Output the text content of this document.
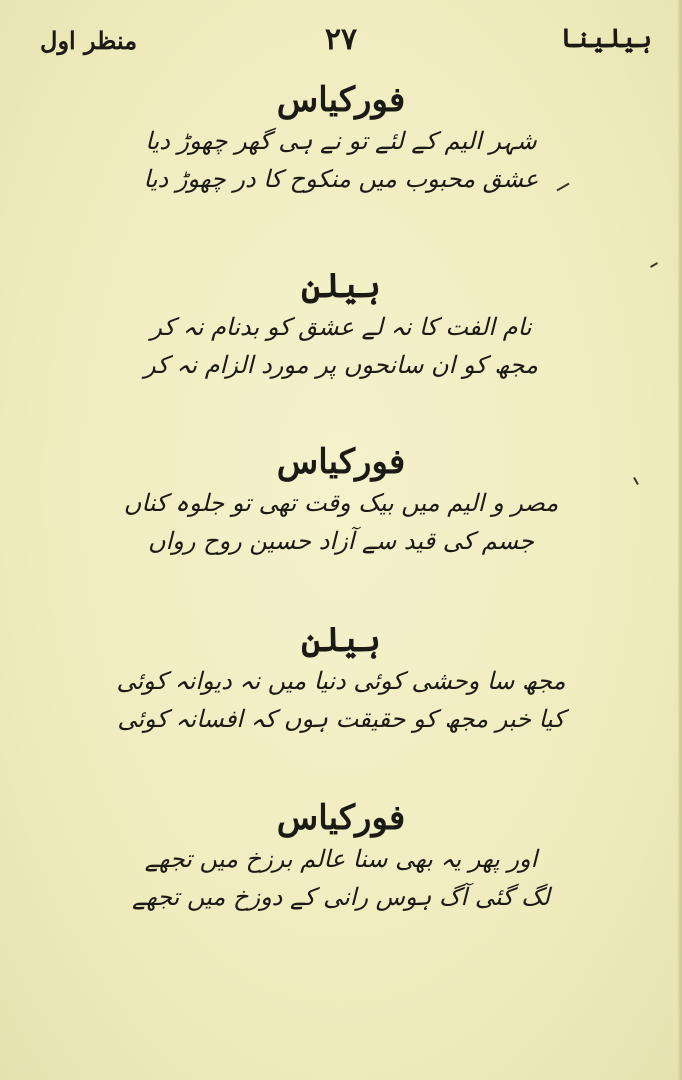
ہیلینا
۲۷
منظر اول
فورکیاس
شہر الیم کے لئے تو نے ہی گھر چھوڑ دیا
عشق محبوب میں منکوح کا در چھوڑ دیا
ہیلن
نام الفت کا نہ لے عشق کو بدنام نہ کر
مجھ کو ان سانحوں پر مورد الزام نہ کر
فورکیاس
مصر و الیم میں بیک وقت تھی تو جلوہ کناں
جسم کی قید سے آزاد حسین روح رواں
ہیلن
مجھ سا وحشی کوئی دنیا میں نہ دیوانہ کوئی
کیا خبر مجھ کو حقیقت ہوں کہ افسانہ کوئی
فورکیاس
اور پھر یہ بھی سنا عالم برزخ میں تجھے
لگ گئی آگ ہوس رانی کے دوزخ میں تجھے
